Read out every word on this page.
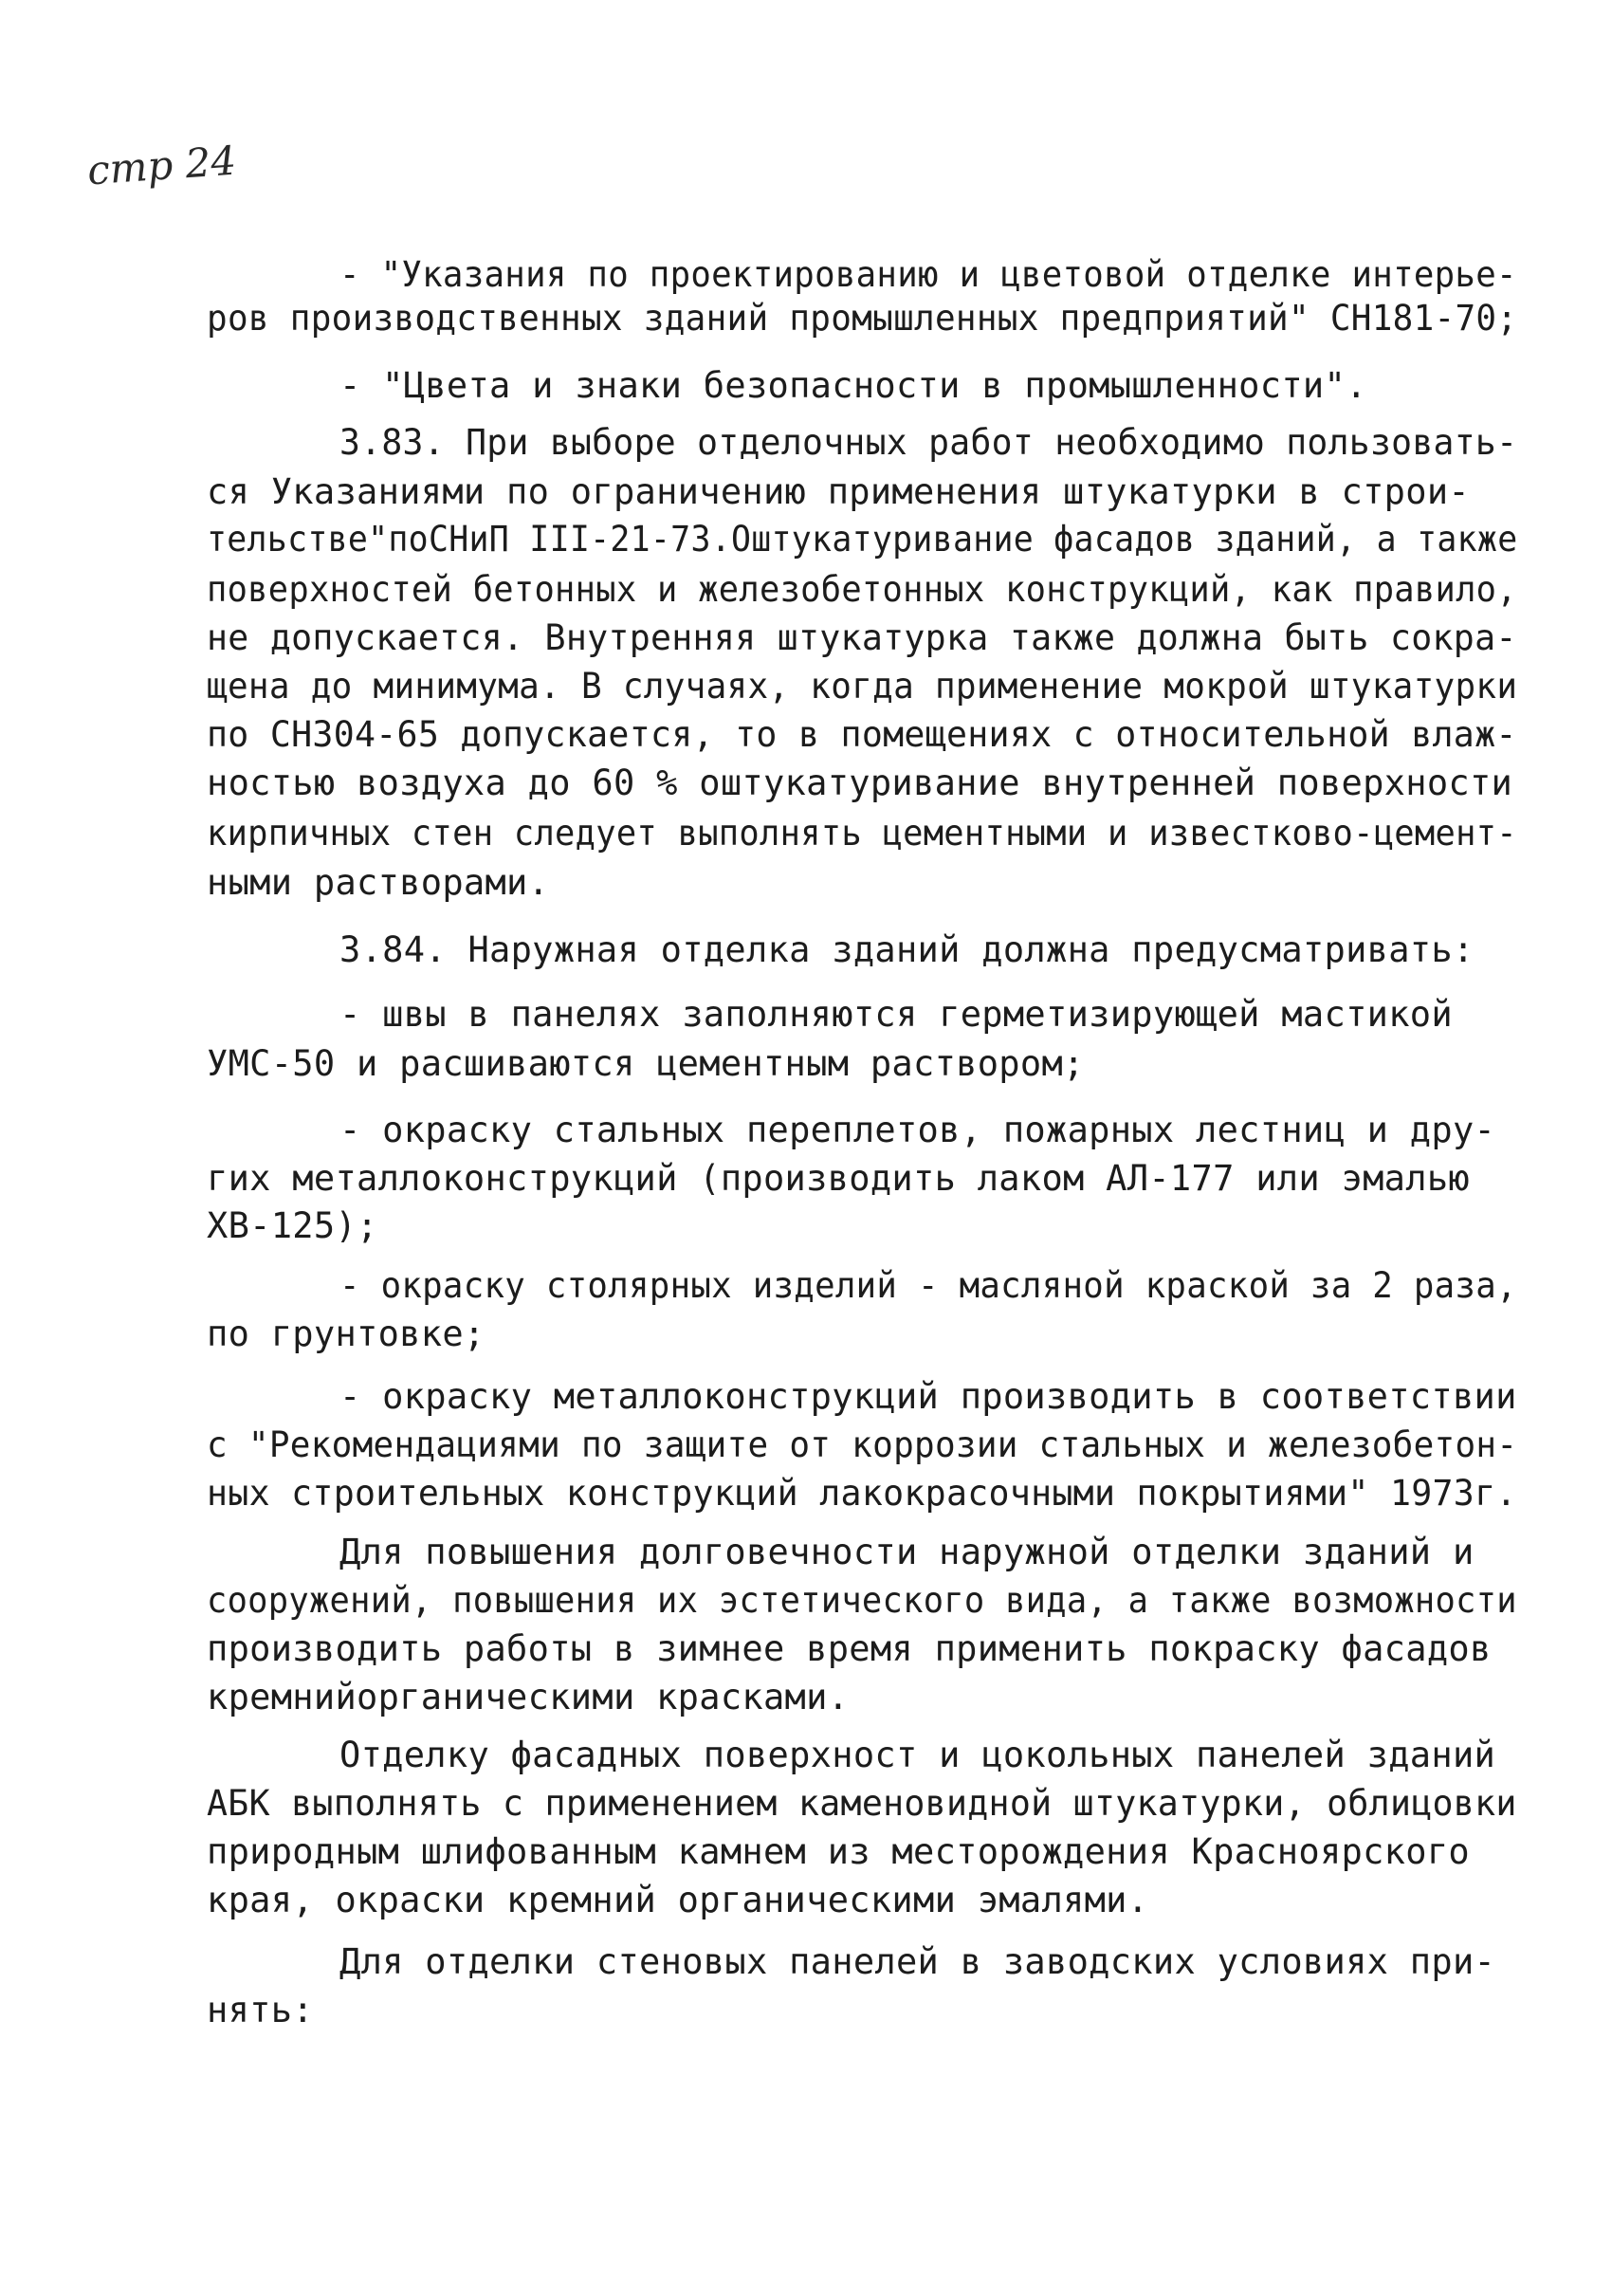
стр 24
- "Указания по проектированию и цветовой отделке интерье-
ров производственных зданий промышленных предприятий" СН181-70;
- "Цвета и знаки безопасности в промышленности".
3.83. При выборе отделочных работ необходимо пользовать-
ся Указаниями по ограничению применения штукатурки в строи-
тельстве"поСНиП III-21-73.Оштукатуривание фасадов зданий, а также
поверхностей бетонных и железобетонных конструкций, как правило,
не допускается. Внутренняя штукатурка также должна быть сокра-
щена до минимума. В случаях, когда применение мокрой штукатурки
по СН304-65 допускается, то в помещениях с относительной влаж-
ностью воздуха до 60 % оштукатуривание внутренней поверхности
кирпичных стен следует выполнять цементными и известково-цемент-
ными растворами.
3.84. Наружная отделка зданий должна предусматривать:
- швы в панелях заполняются герметизирующей мастикой
УМС-50 и расшиваются цементным раствором;
- окраску стальных переплетов, пожарных лестниц и дру-
гих металлоконструкций (производить лаком АЛ-177 или эмалью
ХВ-125);
- окраску столярных изделий - масляной краской за 2 раза,
по грунтовке;
- окраску металлоконструкций производить в соответствии
с "Рекомендациями по защите от коррозии стальных и железобетон-
ных строительных конструкций лакокрасочными покрытиями" 1973г.
Для повышения долговечности наружной отделки зданий и
сооружений, повышения их эстетического вида, а также возможности
производить работы в зимнее время применить покраску фасадов
кремнийорганическими красками.
Отделку фасадных поверхност и цокольных панелей зданий
АБК выполнять с применением каменовидной штукатурки, облицовки
природным шлифованным камнем из месторождения Красноярского
края, окраски кремний органическими эмалями.
Для отделки стеновых панелей в заводских условиях при-
нять:
